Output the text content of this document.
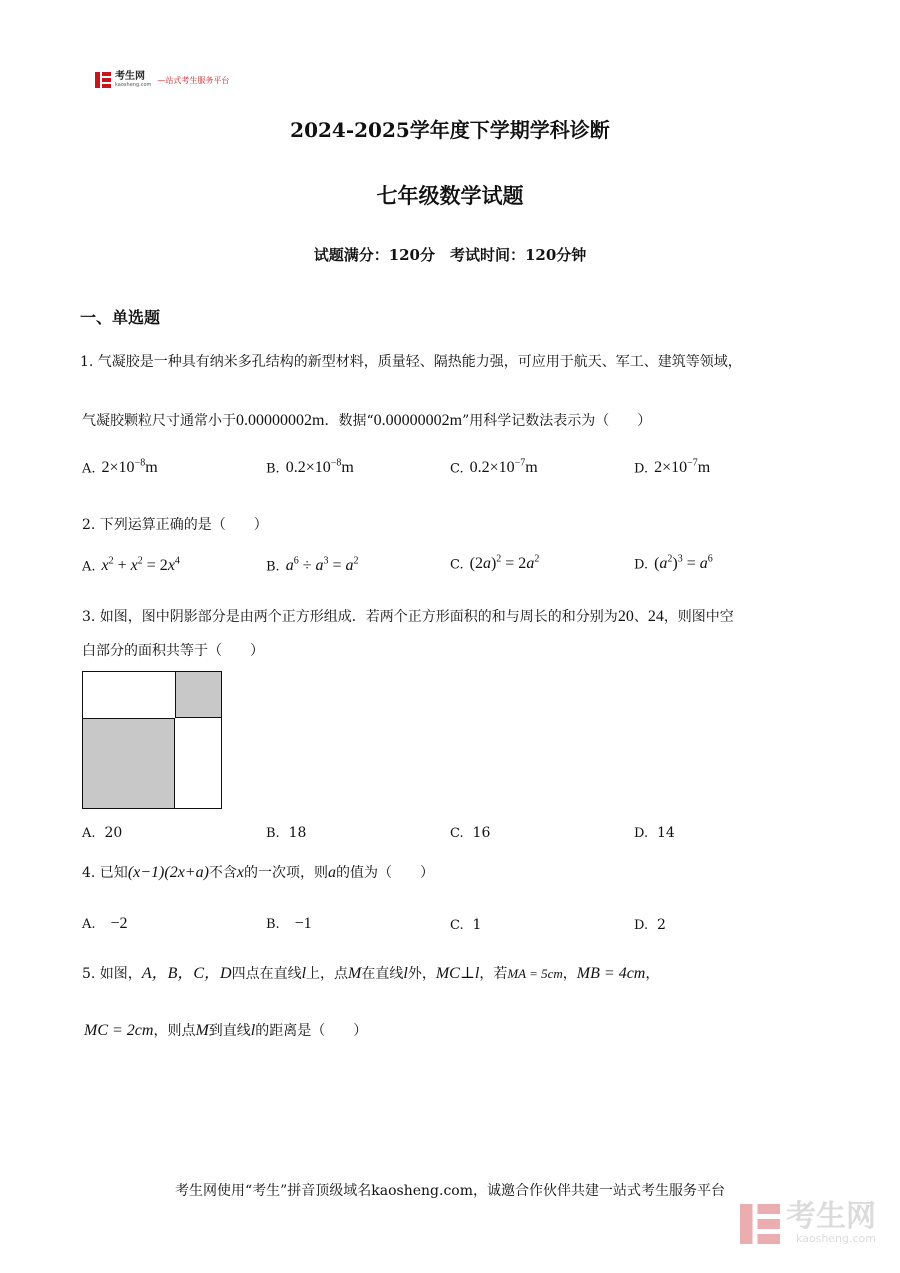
考生网
kaosheng.com
—站式考生服务平台
2024-2025学年度下学期学科诊断
七年级数学试题
试题满分：120分　考试时间：120分钟
一、单选题
1. 气凝胶是一种具有纳米多孔结构的新型材料，质量轻、隔热能力强，可应用于航天、军工、建筑等领域，
气凝胶颗粒尺寸通常小于0.00000002m．数据“0.00000002m”用科学记数法表示为（　　）
A. $2\times 10^{-8}m$	B. $0.2\times 10^{-8}m$	C. $0.2\times 10^{-7}m$	D. $2\times 10^{-7}m$
2. 下列运算正确的是（　　）
A. $x^2 + x^2 = 2x^4$	B. $a^6 \div a^3 = a^2$	C. $(2a)^2 = 2a^2$	D. $(a^2)^3 = a^6$
3. 如图，图中阴影部分是由两个正方形组成．若两个正方形面积的和与周长的和分别为20、24，则图中空
白部分的面积共等于（　　）
A. 20	B. 18	C. 16	D. 14
4. 已知(x−1)(2x+a)不含x的一次项，则a的值为（　　）
A. −2	B. −1	C. 1	D. 2
5. 如图，A，B，C，D四点在直线l上，点M在直线l外，MC⊥l，若MA = 5cm，MB = 4cm，
MC = 2cm，则点M到直线l的距离是（　　）
考生网使用“考生”拼音顶级域名kaosheng.com，诚邀合作伙伴共建一站式考生服务平台
考生网
kaosheng.com
